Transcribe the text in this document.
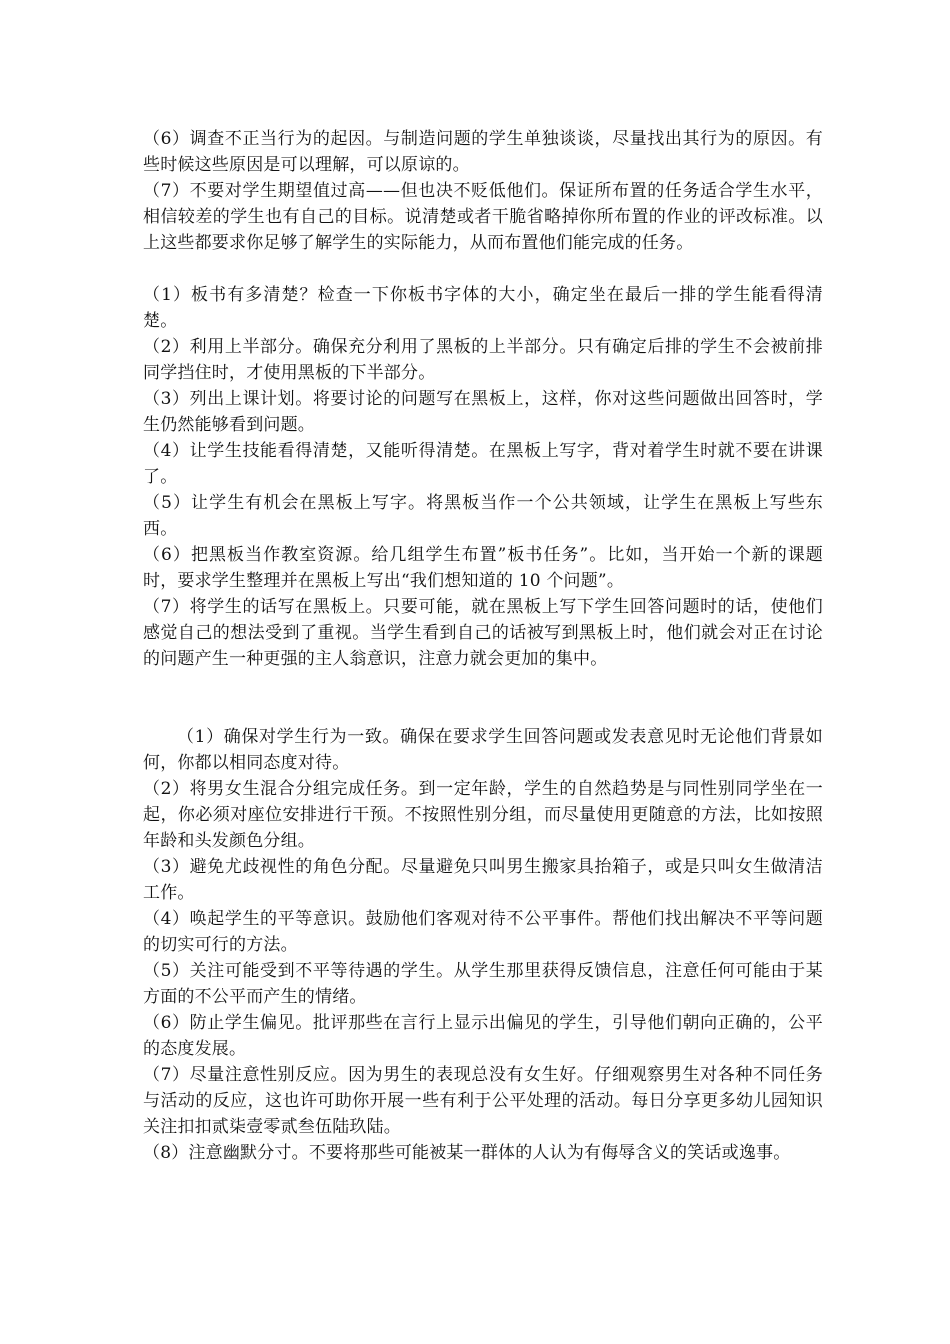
（6）调查不正当行为的起因。与制造问题的学生单独谈谈，尽量找出其行为的原因。有些时候这些原因是可以理解，可以原谅的。

（7）不要对学生期望值过高——但也决不贬低他们。保证所布置的任务适合学生水平，相信较差的学生也有自己的目标。说清楚或者干脆省略掉你所布置的作业的评改标准。以上这些都要求你足够了解学生的实际能力，从而布置他们能完成的任务。

（1）板书有多清楚？检查一下你板书字体的大小，确定坐在最后一排的学生能看得清楚。

（2）利用上半部分。确保充分利用了黑板的上半部分。只有确定后排的学生不会被前排同学挡住时，才使用黑板的下半部分。

（3）列出上课计划。将要讨论的问题写在黑板上，这样，你对这些问题做出回答时，学生仍然能够看到问题。

（4）让学生技能看得清楚，又能听得清楚。在黑板上写字，背对着学生时就不要在讲课了。

（5）让学生有机会在黑板上写字。将黑板当作一个公共领域，让学生在黑板上写些东西。

（6）把黑板当作教室资源。给几组学生布置”板书任务”。比如，当开始一个新的课题时，要求学生整理并在黑板上写出“我们想知道的 10 个问题”。

（7）将学生的话写在黑板上。只要可能，就在黑板上写下学生回答问题时的话，使他们感觉自己的想法受到了重视。当学生看到自己的话被写到黑板上时，他们就会对正在讨论的问题产生一种更强的主人翁意识，注意力就会更加的集中。

（1）确保对学生行为一致。确保在要求学生回答问题或发表意见时无论他们背景如何，你都以相同态度对待。

（2）将男女生混合分组完成任务。到一定年龄，学生的自然趋势是与同性别同学坐在一起，你必须对座位安排进行干预。不按照性别分组，而尽量使用更随意的方法，比如按照年龄和头发颜色分组。

（3）避免尤歧视性的角色分配。尽量避免只叫男生搬家具抬箱子，或是只叫女生做清洁工作。

（4）唤起学生的平等意识。鼓励他们客观对待不公平事件。帮他们找出解决不平等问题的切实可行的方法。

（5）关注可能受到不平等待遇的学生。从学生那里获得反馈信息，注意任何可能由于某方面的不公平而产生的情绪。

（6）防止学生偏见。批评那些在言行上显示出偏见的学生，引导他们朝向正确的，公平的态度发展。

（7）尽量注意性别反应。因为男生的表现总没有女生好。仔细观察男生对各种不同任务与活动的反应，这也许可助你开展一些有利于公平处理的活动。每日分享更多幼儿园知识关注扣扣贰柒壹零贰叁伍陆玖陆。

（8）注意幽默分寸。不要将那些可能被某一群体的人认为有侮辱含义的笑话或逸事。
